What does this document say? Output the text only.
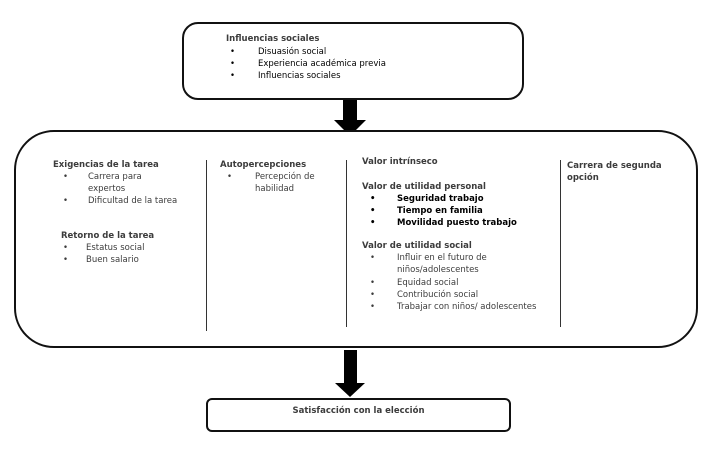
Influencias sociales
•	Disuasión social
•	Experiencia académica previa
•	Influencias sociales
Exigencias de la tarea
• Carrera para
expertos
• Dificultad de la tarea
Retorno de la tarea
• Estatus social
• Buen salario
Autopercepciones
•	Percepción de
habilidad
Valor intrínseco
Valor de utilidad personal
•	Seguridad trabajo
•	Tiempo en familia
•	Movilidad puesto trabajo
Valor de utilidad social
•	Influir en el futuro de
niños/adolescentes
•	Equidad social
•	Contribución social
•	Trabajar con niños/ adolescentes
Carrera de segunda
opción
Satisfacción con la elección
